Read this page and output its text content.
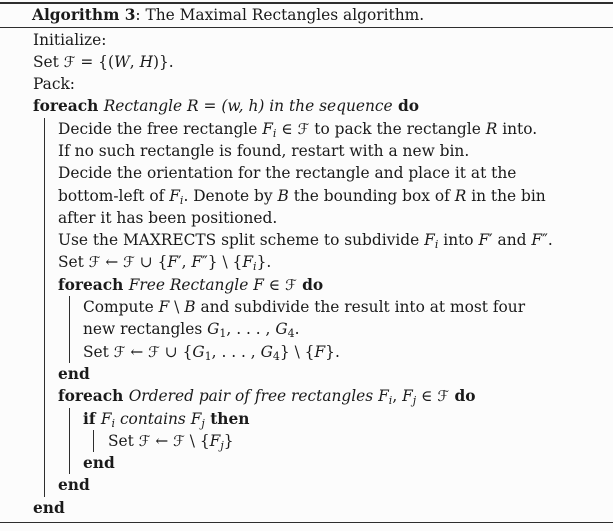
Algorithm 3: The Maximal Rectangles algorithm.
Initialize:
Set ℱ = {(W, H)}.
Pack:
foreach Rectangle R = (w, h) in the sequence do
Decide the free rectangle Fi ∈ ℱ to pack the rectangle R into.
If no such rectangle is found, restart with a new bin.
Decide the orientation for the rectangle and place it at the
bottom-left of Fi. Denote by B the bounding box of R in the bin
after it has been positioned.
Use the MAXRECTS split scheme to subdivide Fi into F′ and F″.
Set ℱ ← ℱ ∪ {F′, F″} \ {Fi}.
foreach Free Rectangle F ∈ ℱ do
Compute F \ B and subdivide the result into at most four
new rectangles G1, . . . , G4.
Set ℱ ← ℱ ∪ {G1, . . . , G4} \ {F}.
end
foreach Ordered pair of free rectangles Fi, Fj ∈ ℱ do
if Fi contains Fj then
Set ℱ ← ℱ \ {Fj}
end
end
end
